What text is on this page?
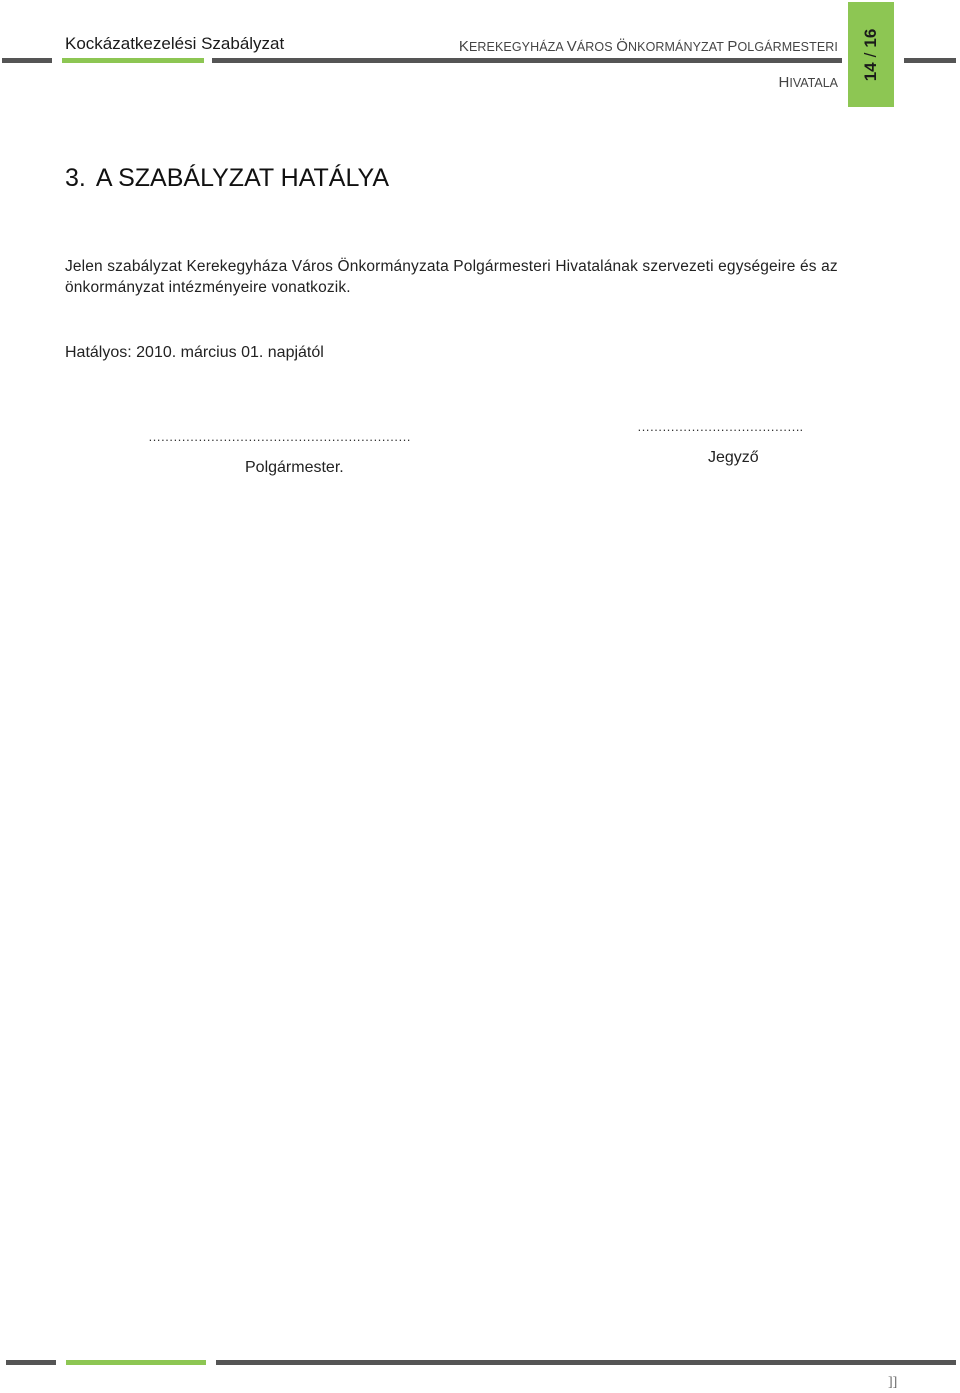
Kockázatkezelési Szabályzat	KEREKEGYHÁZA VÁROS ÖNKORMÁNYZAT POLGÁRMESTERI
HIVATALA
14/16
3. A SZABÁLYZAT HATÁLYA
Jelen szabályzat Kerekegyháza Város Önkormányzata Polgármesteri Hivatalának szervezeti egységeire és az önkormányzat intézményeire vonatkozik.
Hatályos: 2010. március 01. napjától
………………………………………………………
Polgármester.
………………………………….
Jegyző
]]
